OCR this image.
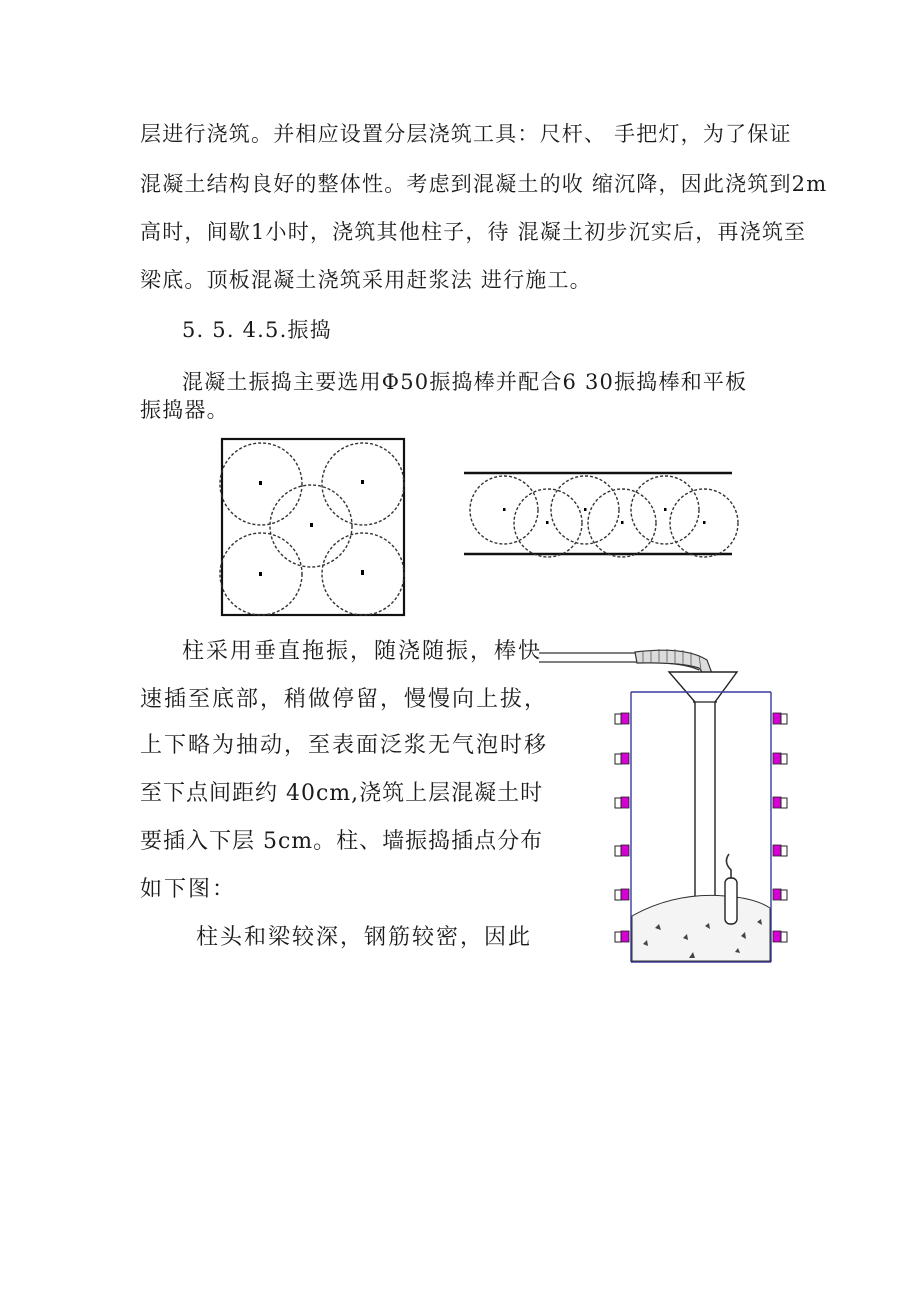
层进行浇筑。并相应设置分层浇筑工具：尺杆、 手把灯，为了保证
混凝土结构良好的整体性。考虑到混凝土的收 缩沉降，因此浇筑到2m
高时，间歇1小时，浇筑其他柱子，待 混凝土初步沉实后，再浇筑至
梁底。顶板混凝土浇筑采用赶浆法 进行施工。
5. 5. 4.5.振捣
混凝土振捣主要选用Φ50振捣棒并配合6 30振捣棒和平板
振捣器。
柱采用垂直拖振，随浇随振，棒快
速插至底部，稍做停留，慢慢向上拔，
上下略为抽动，至表面泛浆无气泡时移
至下点间距约 40cm,浇筑上层混凝土时
要插入下层 5cm。柱、墙振捣插点分布
如下图：
柱头和梁较深，钢筋较密，因此
